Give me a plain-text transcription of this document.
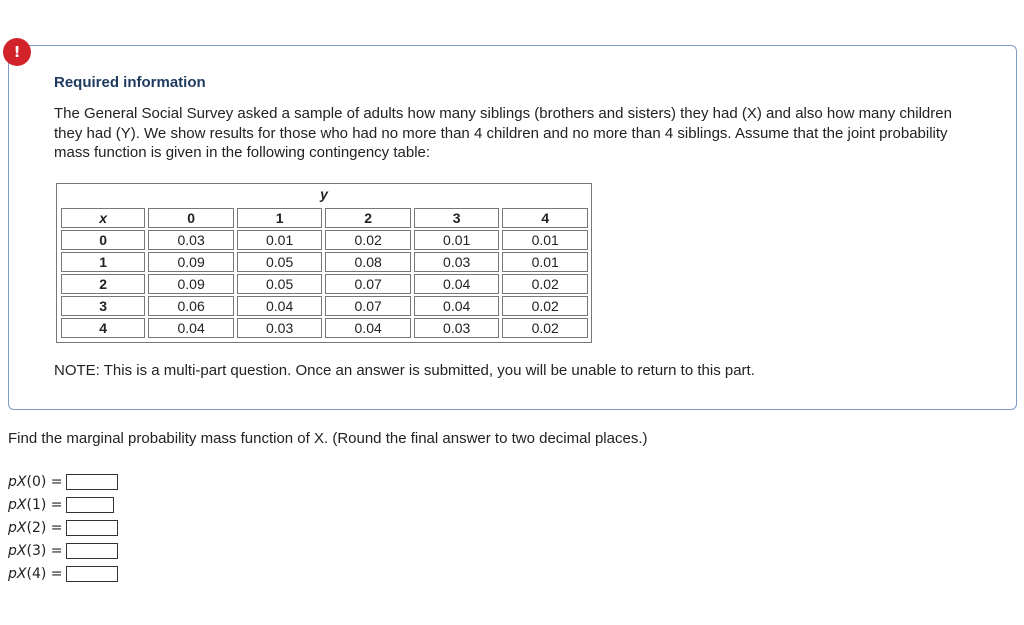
!
Required information
The General Social Survey asked a sample of adults how many siblings (brothers and sisters) they had (X) and also how many children they had (Y). We show results for those who had no more than 4 children and no more than 4 siblings. Assume that the joint probability mass function is given in the following contingency table:
y
x	0	1	2	3	4
0	0.03	0.01	0.02	0.01	0.01
1	0.09	0.05	0.08	0.03	0.01
2	0.09	0.05	0.07	0.04	0.02
3	0.06	0.04	0.07	0.04	0.02
4	0.04	0.03	0.04	0.03	0.02
NOTE: This is a multi-part question. Once an answer is submitted, you will be unable to return to this part.
Find the marginal probability mass function of X. (Round the final answer to two decimal places.)
pX(0) =
pX(1) =
pX(2) =
pX(3) =
pX(4) =
